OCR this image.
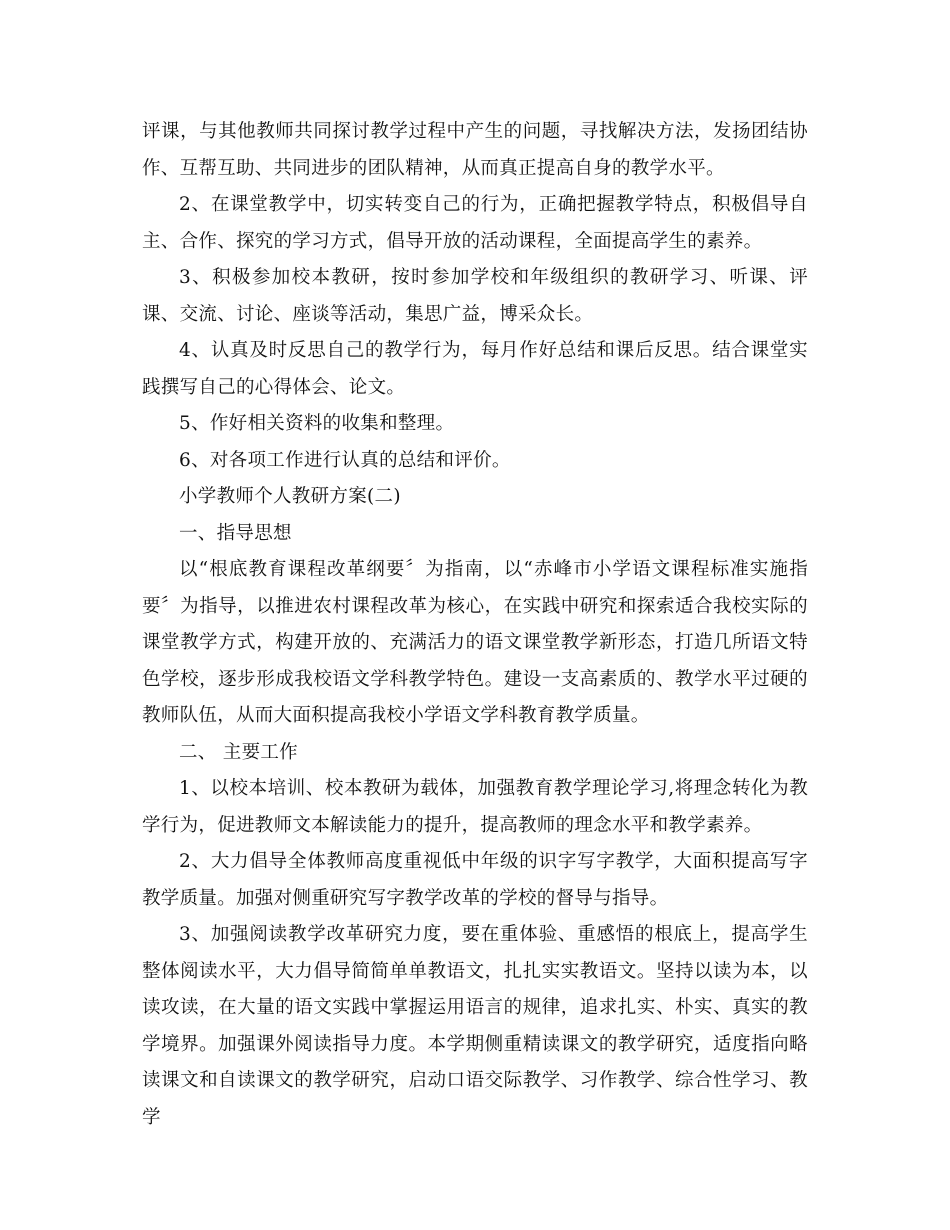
评课，与其他教师共同探讨教学过程中产生的问题，寻找解决方法，发扬团结协作、互帮互助、共同进步的团队精神，从而真正提高自身的教学水平。

2、在课堂教学中，切实转变自己的行为，正确把握教学特点，积极倡导自主、合作、探究的学习方式，倡导开放的活动课程，全面提高学生的素养。

3、积极参加校本教研，按时参加学校和年级组织的教研学习、听课、评课、交流、讨论、座谈等活动，集思广益，博采众长。

4、认真及时反思自己的教学行为，每月作好总结和课后反思。结合课堂实践撰写自己的心得体会、论文。

5、作好相关资料的收集和整理。

6、对各项工作进行认真的总结和评价。

小学教师个人教研方案(二)

一、指导思想

以“根底教育课程改革纲要〞为指南，以“赤峰市小学语文课程标准实施指要〞为指导，以推进农村课程改革为核心，在实践中研究和探索适合我校实际的课堂教学方式，构建开放的、充满活力的语文课堂教学新形态，打造几所语文特色学校，逐步形成我校语文学科教学特色。建设一支高素质的、教学水平过硬的教师队伍，从而大面积提高我校小学语文学科教育教学质量。

二、 主要工作

1、以校本培训、校本教研为载体，加强教育教学理论学习,将理念转化为教学行为，促进教师文本解读能力的提升，提高教师的理念水平和教学素养。

2、大力倡导全体教师高度重视低中年级的识字写字教学，大面积提高写字教学质量。加强对侧重研究写字教学改革的学校的督导与指导。

3、加强阅读教学改革研究力度，要在重体验、重感悟的根底上，提高学生整体阅读水平，大力倡导简简单单教语文，扎扎实实教语文。坚持以读为本，以读攻读，在大量的语文实践中掌握运用语言的规律，追求扎实、朴实、真实的教学境界。加强课外阅读指导力度。本学期侧重精读课文的教学研究，适度指向略读课文和自读课文的教学研究，启动口语交际教学、习作教学、综合性学习、教学
